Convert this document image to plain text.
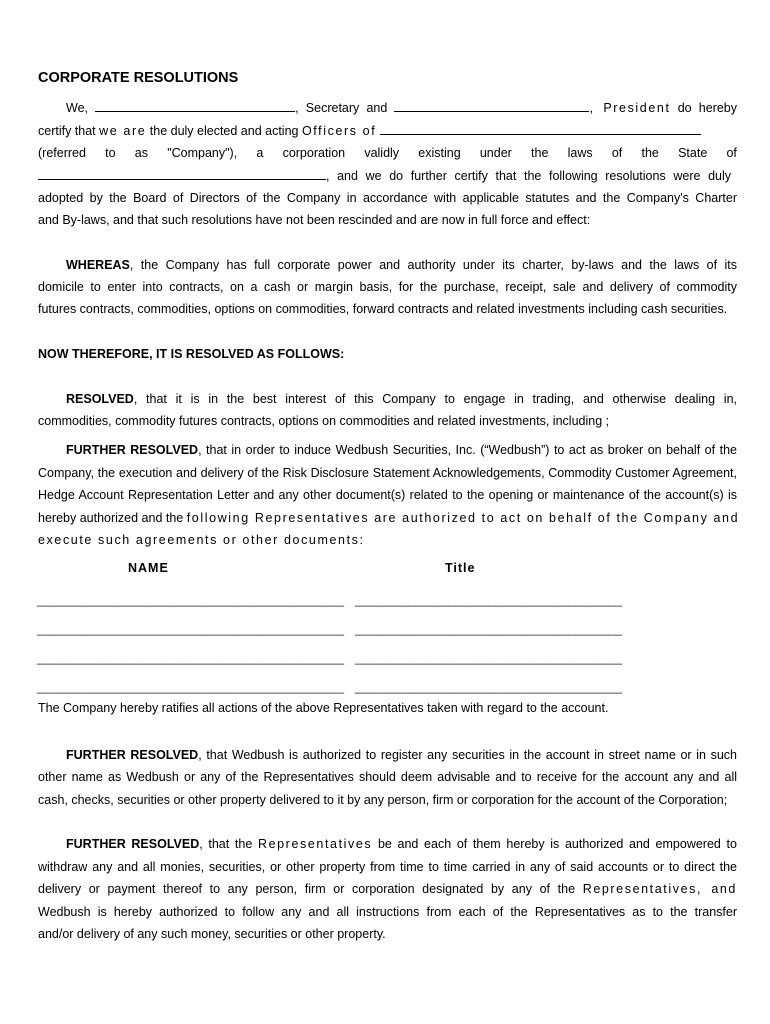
CORPORATE RESOLUTIONS
We,	, Secretary and	, President do hereby
certify that we are the duly elected and acting Officers of
(referred to as "Company"), a corporation validly existing under the laws of the State of
, and we do further certify that the following resolutions were duly
adopted by the Board of Directors of the Company in accordance with applicable statutes and the Company's Charter
and By-laws, and that such resolutions have not been rescinded and are now in full force and effect:
WHEREAS, the Company has full corporate power and authority under its charter, by-laws and the laws of its
domicile to enter into contracts, on a cash or margin basis, for the purchase, receipt, sale and delivery of commodity
futures contracts, commodities, options on commodities, forward contracts and related investments including cash securities.
NOW THEREFORE, IT IS RESOLVED AS FOLLOWS:
RESOLVED, that it is in the best interest of this Company to engage in trading, and otherwise dealing in,
commodities, commodity futures contracts, options on commodities and related investments, including ;
FURTHER RESOLVED, that in order to induce Wedbush Securities, Inc. (“Wedbush”) to act as broker on behalf of the
Company, the execution and delivery of the Risk Disclosure Statement Acknowledgements, Commodity Customer Agreement,
Hedge Account Representation Letter and any other document(s) related to the opening or maintenance of the account(s) is
hereby authorized and the following Representatives are authorized to act on behalf of the Company and
execute such agreements or other documents:
NAME	Title
______________________________________________ ________________________________________
______________________________________________ ________________________________________
______________________________________________ ________________________________________
______________________________________________ ________________________________________
The Company hereby ratifies all actions of the above Representatives taken with regard to the account.
FURTHER RESOLVED, that Wedbush is authorized to register any securities in the account in street name or in such
other name as Wedbush or any of the Representatives should deem advisable and to receive for the account any and all
cash, checks, securities or other property delivered to it by any person, firm or corporation for the account of the Corporation;
FURTHER RESOLVED, that the Representatives be and each of them hereby is authorized and empowered to
withdraw any and all monies, securities, or other property from time to time carried in any of said accounts or to direct the
delivery or payment thereof to any person, firm or corporation designated by any of the Representatives, and
Wedbush is hereby authorized to follow any and all instructions from each of the Representatives as to the transfer
and/or delivery of any such money, securities or other property.
